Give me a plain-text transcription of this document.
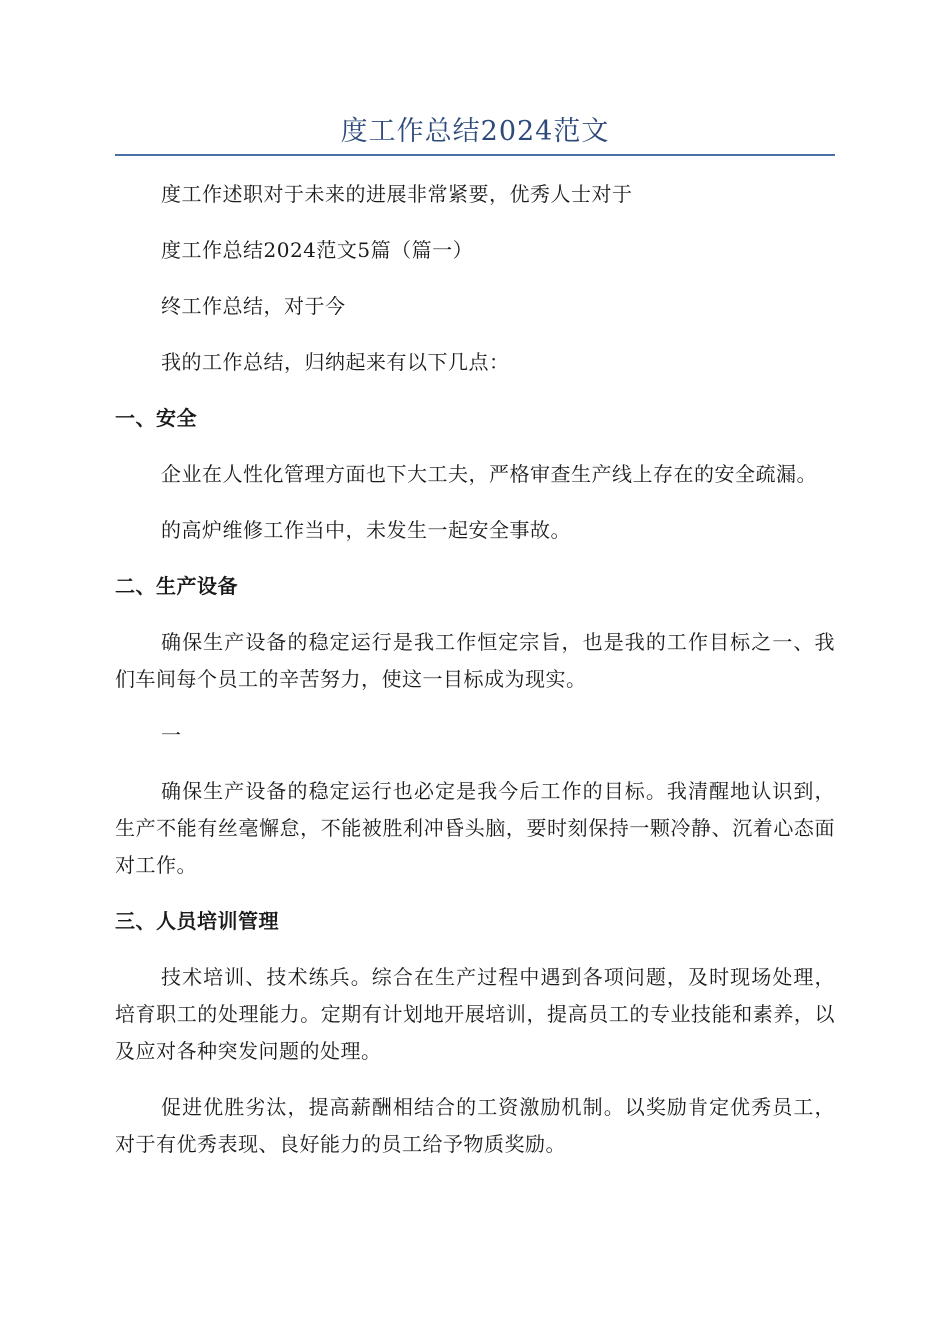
度工作总结2024范文

度工作述职对于未来的进展非常紧要，优秀人士对于

度工作总结2024范文5篇（篇一）

终工作总结，对于今

我的工作总结，归纳起来有以下几点：

一、安全

企业在人性化管理方面也下大工夫，严格审查生产线上存在的安全疏漏。

的高炉维修工作当中，未发生一起安全事故。

二、生产设备

确保生产设备的稳定运行是我工作恒定宗旨，也是我的工作目标之一、我们车间每个员工的辛苦努力，使这一目标成为现实。

一

确保生产设备的稳定运行也必定是我今后工作的目标。我清醒地认识到，生产不能有丝毫懈怠，不能被胜利冲昏头脑，要时刻保持一颗冷静、沉着心态面对工作。

三、人员培训管理

技术培训、技术练兵。综合在生产过程中遇到各项问题，及时现场处理，培育职工的处理能力。定期有计划地开展培训，提高员工的专业技能和素养，以及应对各种突发问题的处理。

促进优胜劣汰，提高薪酬相结合的工资激励机制。以奖励肯定优秀员工，对于有优秀表现、良好能力的员工给予物质奖励。
